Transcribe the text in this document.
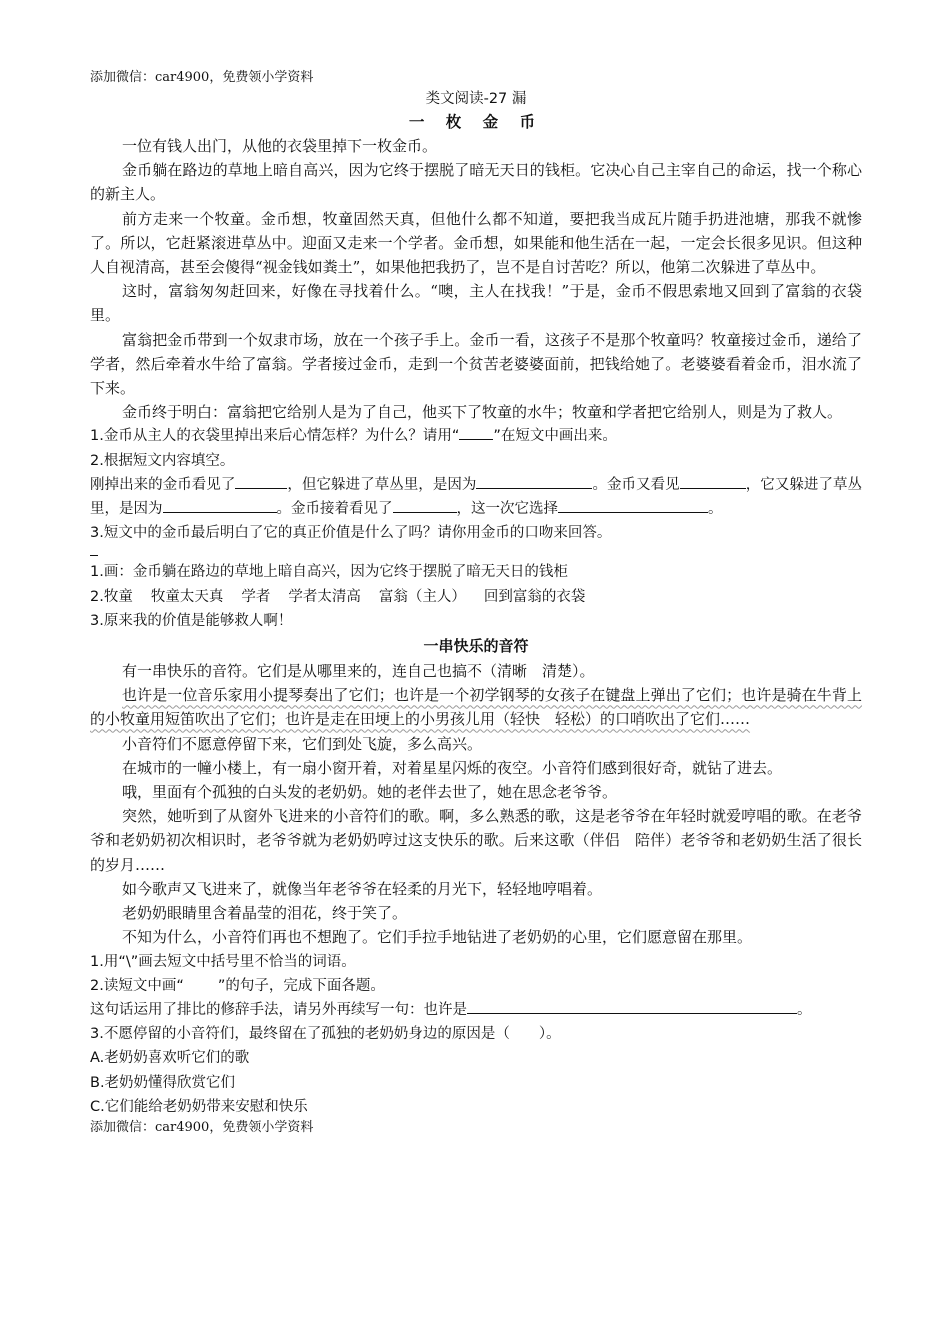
添加微信：car4900，免费领小学资料
类文阅读-27 漏
一 枚 金 币

一位有钱人出门，从他的衣袋里掉下一枚金币。

金币躺在路边的草地上暗自高兴，因为它终于摆脱了暗无天日的钱柜。它决心自己主宰自己的命运，找一个称心的新主人。

前方走来一个牧童。金币想，牧童固然天真，但他什么都不知道，要把我当成瓦片随手扔进池塘，那我不就惨了。所以，它赶紧滚进草丛中。迎面又走来一个学者。金币想，如果能和他生活在一起，一定会长很多见识。但这种人自视清高，甚至会傻得“视金钱如粪土”，如果他把我扔了，岂不是自讨苦吃？所以，他第二次躲进了草丛中。

这时，富翁匆匆赶回来，好像在寻找着什么。“噢，主人在找我！”于是，金币不假思索地又回到了富翁的衣袋里。

富翁把金币带到一个奴隶市场，放在一个孩子手上。金币一看，这孩子不是那个牧童吗？牧童接过金币，递给了学者，然后牵着水牛给了富翁。学者接过金币，走到一个贫苦老婆婆面前，把钱给她了。老婆婆看着金币，泪水流了下来。

金币终于明白：富翁把它给别人是为了自己，他买下了牧童的水牛；牧童和学者把它给别人，则是为了救人。

1.金币从主人的衣袋里掉出来后心情怎样？为什么？请用“ ”在短文中画出来。

2.根据短文内容填空。

刚掉出来的金币看见了	，但它躲进了草丛里，是因为	。金币又看见	，它又躲进了草丛里，是因为	。金币接着看见了	，这一次它选择	。

3.短文中的金币最后明白了它的真正价值是什么了吗？请你用金币的口吻来回答。

1.画：金币躺在路边的草地上暗自高兴，因为它终于摆脱了暗无天日的钱柜

2.牧童 牧童太天真 学者 学者太清高 富翁（主人） 回到富翁的衣袋

3.原来我的价值是能够救人啊！

一串快乐的音符

有一串快乐的音符。它们是从哪里来的，连自己也搞不（清晰　清楚）。

也许是一位音乐家用小提琴奏出了它们；也许是一个初学钢琴的女孩子在键盘上弹出了它们；也许是骑在牛背上的小牧童用短笛吹出了它们；也许是走在田埂上的小男孩儿用（轻快　轻松）的口哨吹出了它们……

小音符们不愿意停留下来，它们到处飞旋，多么高兴。

在城市的一幢小楼上，有一扇小窗开着，对着星星闪烁的夜空。小音符们感到很好奇，就钻了进去。

哦，里面有个孤独的白头发的老奶奶。她的老伴去世了，她在思念老爷爷。

突然，她听到了从窗外飞进来的小音符们的歌。啊，多么熟悉的歌，这是老爷爷在年轻时就爱哼唱的歌。在老爷爷和老奶奶初次相识时，老爷爷就为老奶奶哼过这支快乐的歌。后来这歌（伴侣　陪伴）老爷爷和老奶奶生活了很长的岁月……

如今歌声又飞进来了，就像当年老爷爷在轻柔的月光下，轻轻地哼唱着。

老奶奶眼睛里含着晶莹的泪花，终于笑了。

不知为什么，小音符们再也不想跑了。它们手拉手地钻进了老奶奶的心里，它们愿意留在那里。

1.用“\”画去短文中括号里不恰当的词语。

2.读短文中画“ ”的句子，完成下面各题。

这句话运用了排比的修辞手法，请另外再续写一句：也许是	。

3.不愿停留的小音符们，最终留在了孤独的老奶奶身边的原因是（　　）。

A.老奶奶喜欢听它们的歌

B.老奶奶懂得欣赏它们

C.它们能给老奶奶带来安慰和快乐

添加微信：car4900，免费领小学资料
